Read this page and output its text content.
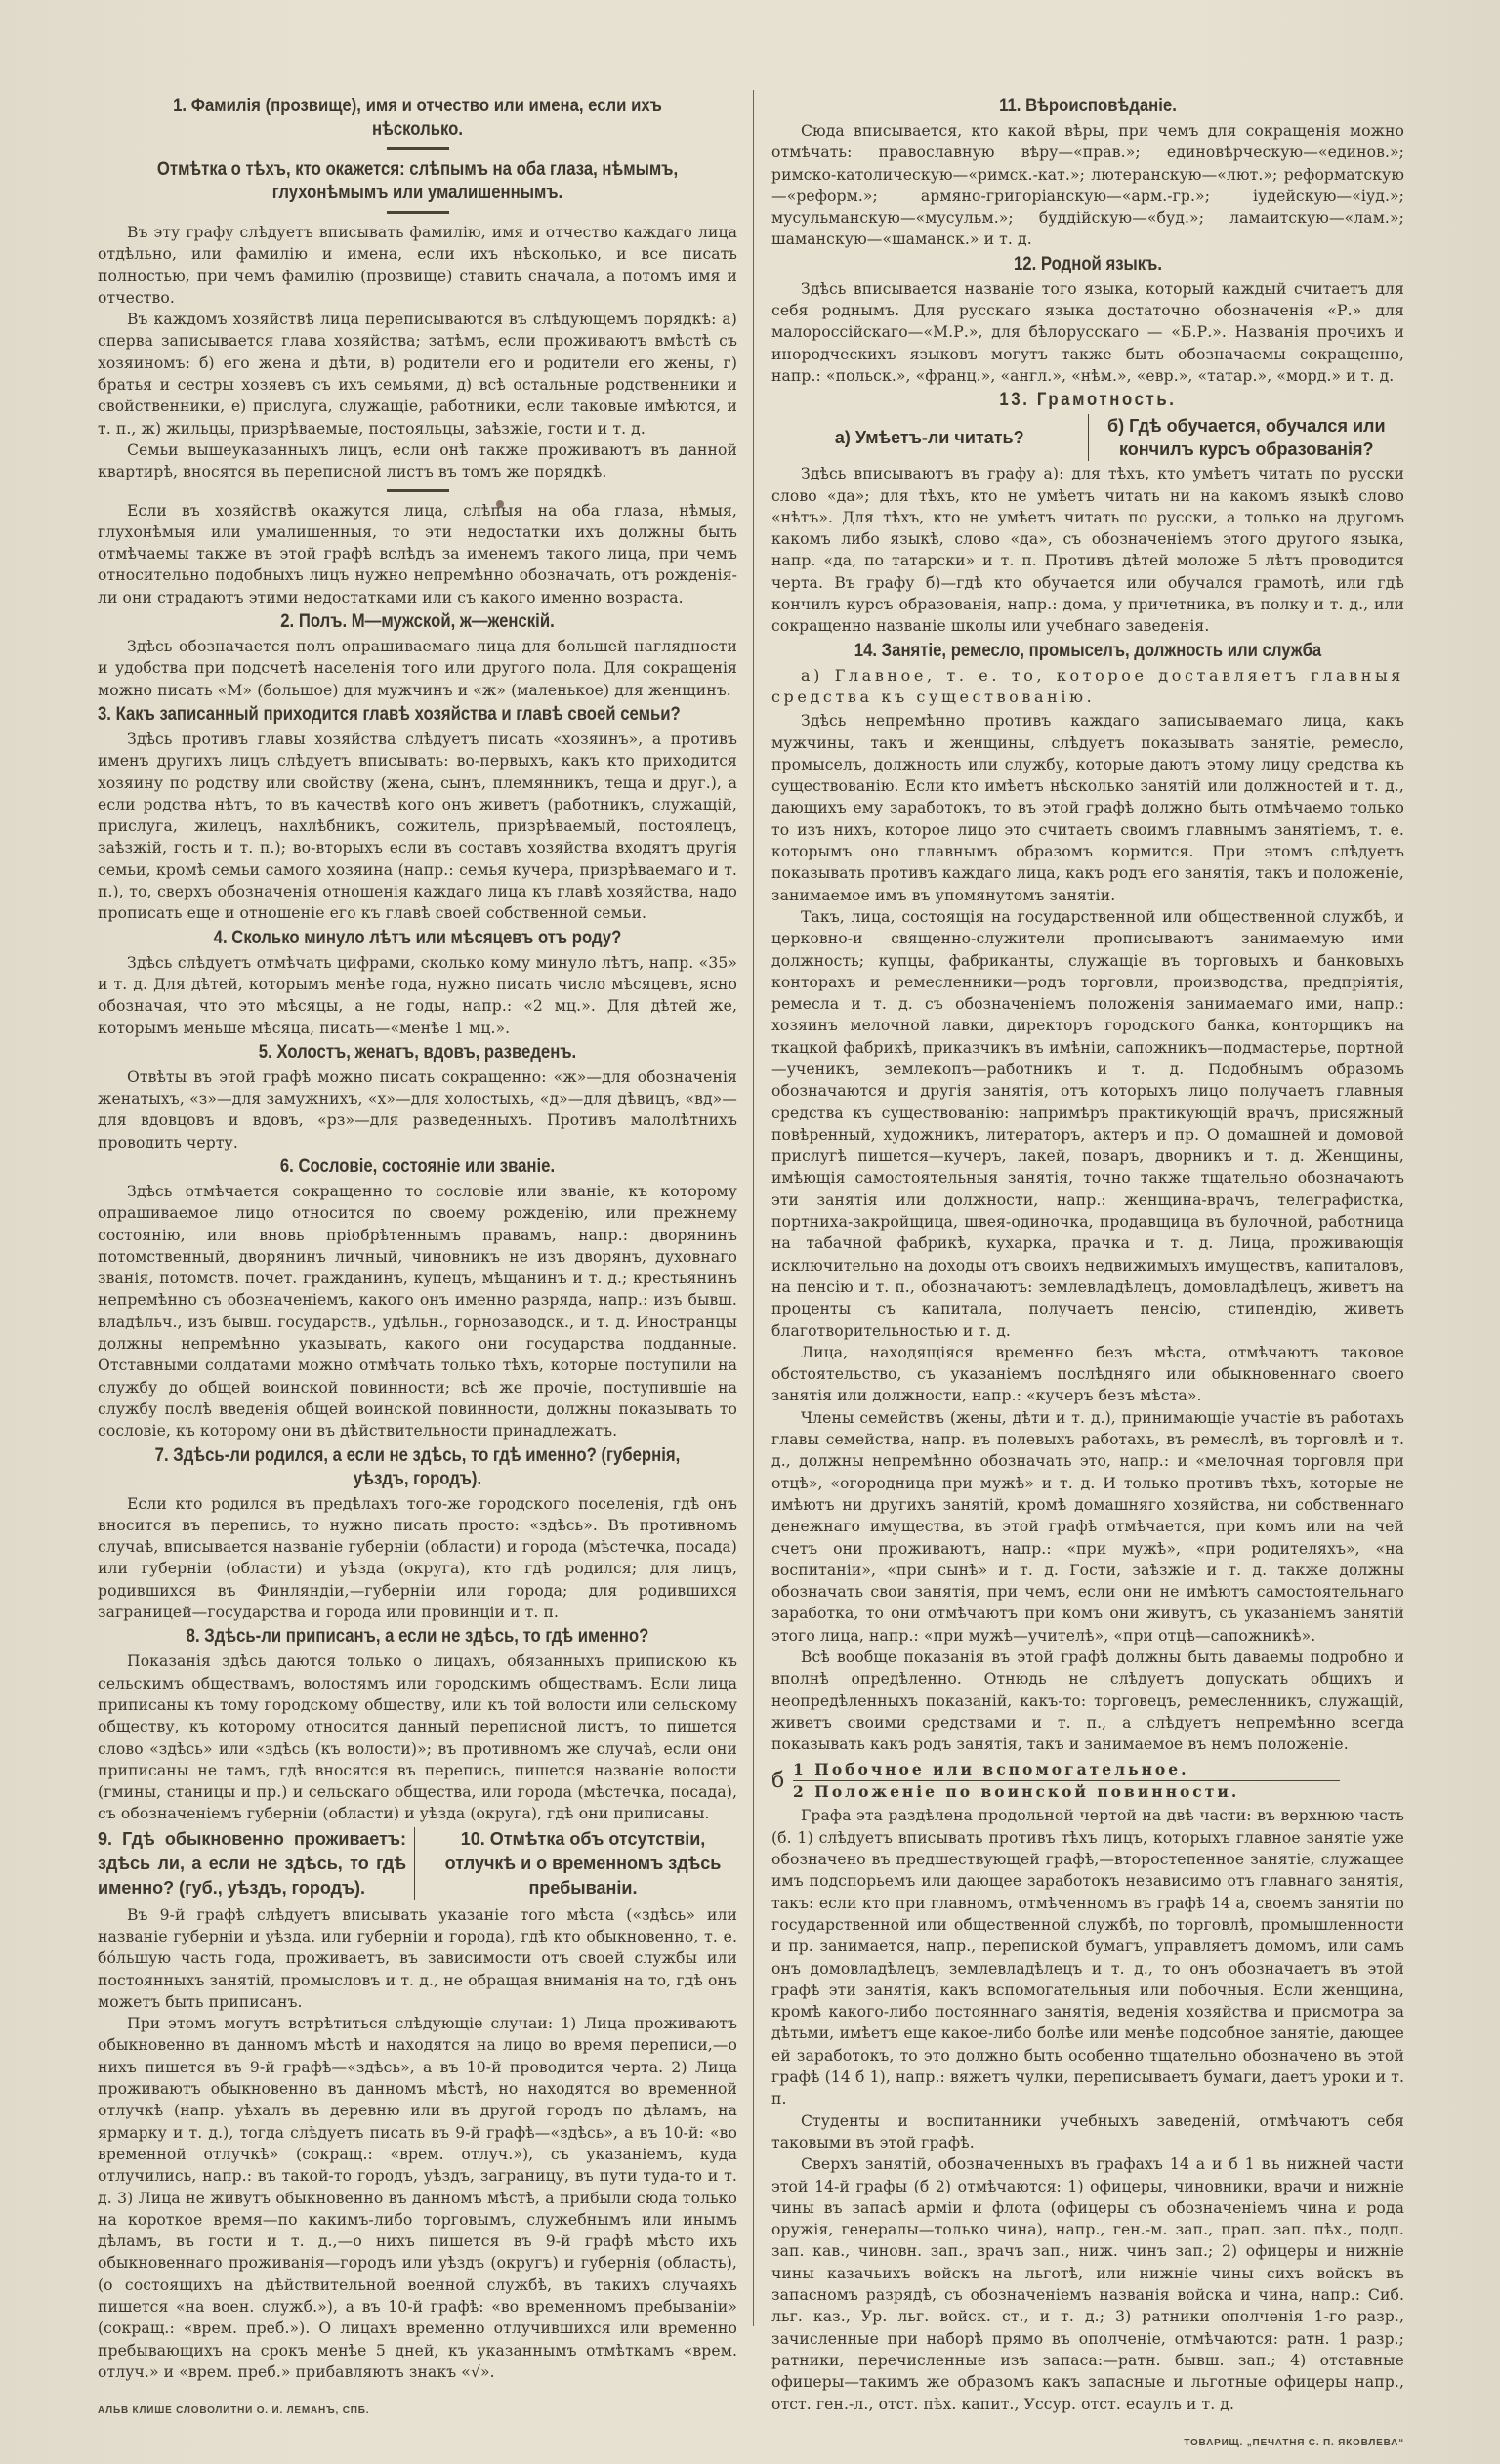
1. Фамилія (прозвище), имя и отчество или имена, если ихъ нѣсколько.
Отмѣтка о тѣхъ, кто окажется: слѣпымъ на оба глаза, нѣмымъ, глухонѣмымъ или умалишеннымъ.

Въ эту графу слѣдуетъ вписывать фамилію, имя и отчество каждаго лица отдѣльно, или фамилію и имена, если ихъ нѣсколько, и все писать полностью, при чемъ фамилію (прозвище) ставить сначала, а потомъ имя и отчество.

Въ каждомъ хозяйствѣ лица переписываются въ слѣдующемъ порядкѣ: а) сперва записывается глава хозяйства; затѣмъ, если проживаютъ вмѣстѣ съ хозяиномъ: б) его жена и дѣти, в) родители его и родители его жены, г) братья и сестры хозяевъ съ ихъ семьями, д) всѣ остальные родственники и свойственники, е) прислуга, служащіе, работники, если таковые имѣются, и т. п., ж) жильцы, призрѣваемые, постояльцы, заѣзжіе, гости и т. д.

Семьи вышеуказанныхъ лицъ, если онѣ также проживаютъ въ данной квартирѣ, вносятся въ переписной листъ въ томъ же порядкѣ.

Если въ хозяйствѣ окажутся лица, слѣпыя на оба глаза, нѣмыя, глухонѣмыя или умалишенныя, то эти недостатки ихъ должны быть отмѣчаемы также въ этой графѣ вслѣдъ за именемъ такого лица, при чемъ относительно подобныхъ лицъ нужно непремѣнно обозначать, отъ рожденія-ли они страдаютъ этими недостатками или съ какого именно возраста.

2. Полъ. М—мужской, ж—женскій.

Здѣсь обозначается полъ опрашиваемаго лица для большей наглядности и удобства при подсчетѣ населенія того или другого пола. Для сокращенія можно писать «М» (большое) для мужчинъ и «ж» (маленькое) для женщинъ.

3. Какъ записанный приходится главѣ хозяйства и главѣ своей семьи?

Здѣсь противъ главы хозяйства слѣдуетъ писать «хозяинъ», а противъ именъ другихъ лицъ слѣдуетъ вписывать: во-первыхъ, какъ кто приходится хозяину по родству или свойству (жена, сынъ, племянникъ, теща и друг.), а если родства нѣтъ, то въ качествѣ кого онъ живетъ (работникъ, служащій, прислуга, жилецъ, нахлѣбникъ, сожитель, призрѣваемый, постоялецъ, заѣзжій, гость и т. п.); во-вторыхъ если въ составъ хозяйства входятъ другія семьи, кромѣ семьи самого хозяина (напр.: семья кучера, призрѣваемаго и т. п.), то, сверхъ обозначенія отношенія каждаго лица къ главѣ хозяйства, надо прописать еще и отношеніе его къ главѣ своей собственной семьи.

4. Сколько минуло лѣтъ или мѣсяцевъ отъ роду?

Здѣсь слѣдуетъ отмѣчать цифрами, сколько кому минуло лѣтъ, напр. «35» и т. д. Для дѣтей, которымъ менѣе года, нужно писать число мѣсяцевъ, ясно обозначая, что это мѣсяцы, а не годы, напр.: «2 мц.». Для дѣтей же, которымъ меньше мѣсяца, писать—«менѣе 1 мц.».

5. Холостъ, женатъ, вдовъ, разведенъ.

Отвѣты въ этой графѣ можно писать сокращенно: «ж»—для обозначенія женатыхъ, «з»—для замужнихъ, «х»—для холостыхъ, «д»—для дѣвицъ, «вд»—для вдовцовъ и вдовъ, «рз»—для разведенныхъ. Противъ малолѣтнихъ проводить черту.

6. Сословіе, состояніе или званіе.

Здѣсь отмѣчается сокращенно то сословіе или званіе, къ которому опрашиваемое лицо относится по своему рожденію, или прежнему состоянію, или вновь пріобрѣтеннымъ правамъ, напр.: дворянинъ потомственный, дворянинъ личный, чиновникъ не изъ дворянъ, духовнаго званія, потомств. почет. гражданинъ, купецъ, мѣщанинъ и т. д.; крестьянинъ непремѣнно съ обозначеніемъ, какого онъ именно разряда, напр.: изъ бывш. владѣльч., изъ бывш. государств., удѣльн., горнозаводск., и т. д. Иностранцы должны непремѣнно указывать, какого они государства подданные. Отставными солдатами можно отмѣчать только тѣхъ, которые поступили на службу до общей воинской повинности; всѣ же прочіе, поступившіе на службу послѣ введенія общей воинской повинности, должны показывать то сословіе, къ которому они въ дѣйствительности принадлежатъ.

7. Здѣсь-ли родился, а если не здѣсь, то гдѣ именно? (губернія, уѣздъ, городъ).

Если кто родился въ предѣлахъ того-же городского поселенія, гдѣ онъ вносится въ перепись, то нужно писать просто: «здѣсь». Въ противномъ случаѣ, вписывается названіе губерніи (области) и города (мѣстечка, посада) или губерніи (области) и уѣзда (округа), кто гдѣ родился; для лицъ, родившихся въ Финляндіи,—губерніи или города; для родившихся заграницей—государства и города или провинціи и т. п.

8. Здѣсь-ли приписанъ, а если не здѣсь, то гдѣ именно?

Показанія здѣсь даются только о лицахъ, обязанныхъ припискою къ сельскимъ обществамъ, волостямъ или городскимъ обществамъ. Если лица приписаны къ тому городскому обществу, или къ той волости или сельскому обществу, къ которому относится данный переписной листъ, то пишется слово «здѣсь» или «здѣсь (къ волости)»; въ противномъ же случаѣ, если они приписаны не тамъ, гдѣ вносятся въ перепись, пишется названіе волости (гмины, станицы и пр.) и сельскаго общества, или города (мѣстечка, посада), съ обозначеніемъ губерніи (области) и уѣзда (округа), гдѣ они приписаны.

9. Гдѣ обыкновенно проживаетъ: здѣсь ли, а если не здѣсь, то гдѣ именно? (губ., уѣздъ, городъ).
10. Отмѣтка объ отсутствіи, отлучкѣ и о временномъ здѣсь пребываніи.

Въ 9-й графѣ слѣдуетъ вписывать указаніе того мѣста («здѣсь» или названіе губерніи и уѣзда, или губерніи и города), гдѣ кто обыкновенно, т. е. бóльшую часть года, проживаетъ, въ зависимости отъ своей службы или постоянныхъ занятій, промысловъ и т. д., не обращая вниманія на то, гдѣ онъ можетъ быть приписанъ.

При этомъ могутъ встрѣтиться слѣдующіе случаи: 1) Лица проживаютъ обыкновенно въ данномъ мѣстѣ и находятся на лицо во время переписи,—о нихъ пишется въ 9-й графѣ—«здѣсь», а въ 10-й проводится черта. 2) Лица проживаютъ обыкновенно въ данномъ мѣстѣ, но находятся во временной отлучкѣ (напр. уѣхалъ въ деревню или въ другой городъ по дѣламъ, на ярмарку и т. д.), тогда слѣдуетъ писать въ 9-й графѣ—«здѣсь», а въ 10-й: «во временной отлучкѣ» (сокращ.: «врем. отлуч.»), съ указаніемъ, куда отлучились, напр.: въ такой-то городъ, уѣздъ, заграницу, въ пути туда-то и т. д. 3) Лица не живутъ обыкновенно въ данномъ мѣстѣ, а прибыли сюда только на короткое время—по какимъ-либо торговымъ, служебнымъ или инымъ дѣламъ, въ гости и т. д.,—о нихъ пишется въ 9-й графѣ мѣсто ихъ обыкновеннаго проживанія—городъ или уѣздъ (округъ) и губернія (область), (о состоящихъ на дѣйствительной военной службѣ, въ такихъ случаяхъ пишется «на воен. служб.»), а въ 10-й графѣ: «во временномъ пребываніи» (сокращ.: «врем. преб.»). О лицахъ временно отлучившихся или временно пребывающихъ на срокъ менѣе 5 дней, къ указаннымъ отмѣткамъ «врем. отлуч.» и «врем. преб.» прибавляютъ знакъ «√».

АЛЬВ КЛИШЕ СЛОВОЛИТНИ О. И. ЛЕМАНЪ, СПБ.
11. Вѣроисповѣданіе.

Сюда вписывается, кто какой вѣры, при чемъ для сокращенія можно отмѣчать: православную вѣру—«прав.»; единовѣрческую—«единов.»; римско-католическую—«римск.-кат.»; лютеранскую—«лют.»; реформатскую—«реформ.»; армяно-григоріанскую—«арм.-гр.»; іудейскую—«іуд.»; мусульманскую—«мусульм.»; буддійскую—«буд.»; ламаитскую—«лам.»; шаманскую—«шаманск.» и т. д.

12. Родной языкъ.

Здѣсь вписывается названіе того языка, который каждый считаетъ для себя роднымъ. Для русскаго языка достаточно обозначенія «Р.» для малороссійскаго—«М.Р.», для бѣлорусскаго — «Б.Р.». Названія прочихъ и инородческихъ языковъ могутъ также быть обозначаемы сокращенно, напр.: «польск.», «франц.», «англ.», «нѣм.», «евр.», «татар.», «морд.» и т. д.

13. Грамотность.
а) Умѣетъ-ли читать?
б) Гдѣ обучается, обучался или кончилъ курсъ образованія?

Здѣсь вписываютъ въ графу а): для тѣхъ, кто умѣетъ читать по русски слово «да»; для тѣхъ, кто не умѣетъ читать ни на какомъ языкѣ слово «нѣтъ». Для тѣхъ, кто не умѣетъ читать по русски, а только на другомъ какомъ либо языкѣ, слово «да», съ обозначеніемъ этого другого языка, напр. «да, по татарски» и т. п. Противъ дѣтей моложе 5 лѣтъ проводится черта. Въ графу б)—гдѣ кто обучается или обучался грамотѣ, или гдѣ кончилъ курсъ образованія, напр.: дома, у причетника, въ полку и т. д., или сокращенно названіе школы или учебнаго заведенія.

14. Занятіе, ремесло, промыселъ, должность или служба
а) Главное, т. е. то, которое доставляетъ главныя средства къ существованію.

Здѣсь непремѣнно противъ каждаго записываемаго лица, какъ мужчины, такъ и женщины, слѣдуетъ показывать занятіе, ремесло, промыселъ, должность или службу, которые даютъ этому лицу средства къ существованію. Если кто имѣетъ нѣсколько занятій или должностей и т. д., дающихъ ему заработокъ, то въ этой графѣ должно быть отмѣчаемо только то изъ нихъ, которое лицо это считаетъ своимъ главнымъ занятіемъ, т. е. которымъ оно главнымъ образомъ кормится. При этомъ слѣдуетъ показывать противъ каждаго лица, какъ родъ его занятія, такъ и положеніе, занимаемое имъ въ упомянутомъ занятіи.

Такъ, лица, состоящія на государственной или общественной службѣ, и церковно-и священно-служители прописываютъ занимаемую ими должность; купцы, фабриканты, служащіе въ торговыхъ и банковыхъ конторахъ и ремесленники—родъ торговли, производства, предпріятія, ремесла и т. д. съ обозначеніемъ положенія занимаемаго ими, напр.: хозяинъ мелочной лавки, директоръ городского банка, конторщикъ на ткацкой фабрикѣ, приказчикъ въ имѣніи, сапожникъ—подмастерье, портной—ученикъ, землекопъ—работникъ и т. д. Подобнымъ образомъ обозначаются и другія занятія, отъ которыхъ лицо получаетъ главныя средства къ существованію: напримѣръ практикующій врачъ, присяжный повѣренный, художникъ, литераторъ, актеръ и пр. О домашней и домовой прислугѣ пишется—кучеръ, лакей, поваръ, дворникъ и т. д. Женщины, имѣющія самостоятельныя занятія, точно также тщательно обозначаютъ эти занятія или должности, напр.: женщина-врачъ, телеграфистка, портниха-закройщица, швея-одиночка, продавщица въ булочной, работница на табачной фабрикѣ, кухарка, прачка и т. д. Лица, проживающія исключительно на доходы отъ своихъ недвижимыхъ имуществъ, капиталовъ, на пенсію и т. п., обозначаютъ: землевладѣлецъ, домовладѣлецъ, живетъ на проценты съ капитала, получаетъ пенсію, стипендію, живетъ благотворительностью и т. д.

Лица, находящіяся временно безъ мѣста, отмѣчаютъ таковое обстоятельство, съ указаніемъ послѣдняго или обыкновеннаго своего занятія или должности, напр.: «кучеръ безъ мѣста».

Члены семействъ (жены, дѣти и т. д.), принимающіе участіе въ работахъ главы семейства, напр. въ полевыхъ работахъ, въ ремеслѣ, въ торговлѣ и т. д., должны непремѣнно обозначать это, напр.: и «мелочная торговля при отцѣ», «огородница при мужѣ» и т. д. И только противъ тѣхъ, которые не имѣютъ ни другихъ занятій, кромѣ домашняго хозяйства, ни собственнаго денежнаго имущества, въ этой графѣ отмѣчается, при комъ или на чей счетъ они проживаютъ, напр.: «при мужѣ», «при родителяхъ», «на воспитаніи», «при сынѣ» и т. д. Гости, заѣзжіе и т. д. также должны обозначать свои занятія, при чемъ, если они не имѣютъ самостоятельнаго заработка, то они отмѣчаютъ при комъ они живутъ, съ указаніемъ занятій этого лица, напр.: «при мужѣ—учителѣ», «при отцѣ—сапожникѣ».

Всѣ вообще показанія въ этой графѣ должны быть даваемы подробно и вполнѣ опредѣленно. Отнюдь не слѣдуетъ допускать общихъ и неопредѣленныхъ показаній, какъ-то: торговецъ, ремесленникъ, служащій, живетъ своими средствами и т. п., а слѣдуетъ непремѣнно всегда показывать какъ родъ занятія, такъ и занимаемое въ немъ положеніе.

б 1 Побочное или вспомогательное.
2 Положеніе по воинской повинности.

Графа эта раздѣлена продольной чертой на двѣ части: въ верхнюю часть (б. 1) слѣдуетъ вписывать противъ тѣхъ лицъ, которыхъ главное занятіе уже обозначено въ предшествующей графѣ,—второстепенное занятіе, служащее имъ подспорьемъ или дающее заработокъ независимо отъ главнаго занятія, такъ: если кто при главномъ, отмѣченномъ въ графѣ 14 а, своемъ занятіи по государственной или общественной службѣ, по торговлѣ, промышленности и пр. занимается, напр., перепиской бумагъ, управляетъ домомъ, или самъ онъ домовладѣлецъ, землевладѣлецъ и т. д., то онъ обозначаетъ въ этой графѣ эти занятія, какъ вспомогательныя или побочныя. Если женщина, кромѣ какого-либо постояннаго занятія, веденія хозяйства и присмотра за дѣтьми, имѣетъ еще какое-либо болѣе или менѣе подсобное занятіе, дающее ей заработокъ, то это должно быть особенно тщательно обозначено въ этой графѣ (14 б 1), напр.: вяжетъ чулки, переписываетъ бумаги, даетъ уроки и т. п.

Студенты и воспитанники учебныхъ заведеній, отмѣчаютъ себя таковыми въ этой графѣ.

Сверхъ занятій, обозначенныхъ въ графахъ 14 а и б 1 въ нижней части этой 14-й графы (б 2) отмѣчаются: 1) офицеры, чиновники, врачи и нижніе чины въ запасѣ арміи и флота (офицеры съ обозначеніемъ чина и рода оружія, генералы—только чина), напр., ген.-м. зап., прап. зап. пѣх., подп. зап. кав., чиновн. зап., врачъ зап., ниж. чинъ зап.; 2) офицеры и нижніе чины казачьихъ войскъ на льготѣ, или нижніе чины сихъ войскъ въ запасномъ разрядѣ, съ обозначеніемъ названія войска и чина, напр.: Сиб. льг. каз., Ур. льг. войск. ст., и т. д.; 3) ратники ополченія 1-го разр., зачисленные при наборѣ прямо въ ополченіе, отмѣчаются: ратн. 1 разр.; ратники, перечисленные изъ запаса:—ратн. бывш. зап.; 4) отставные офицеры—такимъ же образомъ какъ запасные и льготные офицеры напр., отст. ген.-л., отст. пѣх. капит., Уссур. отст. есаулъ и т. д.

ТОВАРИЩ. „ПЕЧАТНЯ С. П. ЯКОВЛЕВА“
